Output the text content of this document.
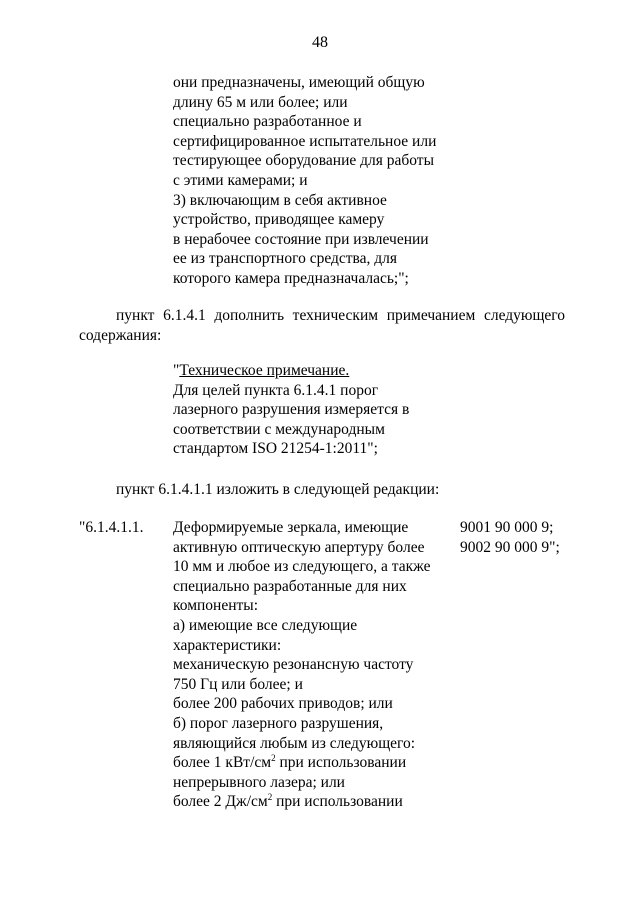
48
они предназначены, имеющий общую
длину 65 м или более; или
специально разработанное и
сертифицированное испытательное или
тестирующее оборудование для работы
с этими камерами; и
3) включающим в себя активное
устройство, приводящее камеру
в нерабочее состояние при извлечении
ее из транспортного средства, для
которого камера предназначалась;";
пункт 6.1.4.1 дополнить техническим примечанием следующего
содержания:
"Техническое примечание.
Для целей пункта 6.1.4.1 порог
лазерного разрушения измеряется в
соответствии с международным
стандартом ISO 21254-1:2011";
пункт 6.1.4.1.1 изложить в следующей редакции:
"6.1.4.1.1. Деформируемые зеркала, имеющие
активную оптическую апертуру более
10 мм и любое из следующего, а также
специально разработанные для них
компоненты:
а) имеющие все следующие
характеристики:
механическую резонансную частоту
750 Гц или более; и
более 200 рабочих приводов; или
б) порог лазерного разрушения,
являющийся любым из следующего:
более 1 кВт/$см^2$ при использовании
непрерывного лазера; или
более 2 $Дж/см^2$ при использовании
9001 90 000 9;
9002 90 000 9";
